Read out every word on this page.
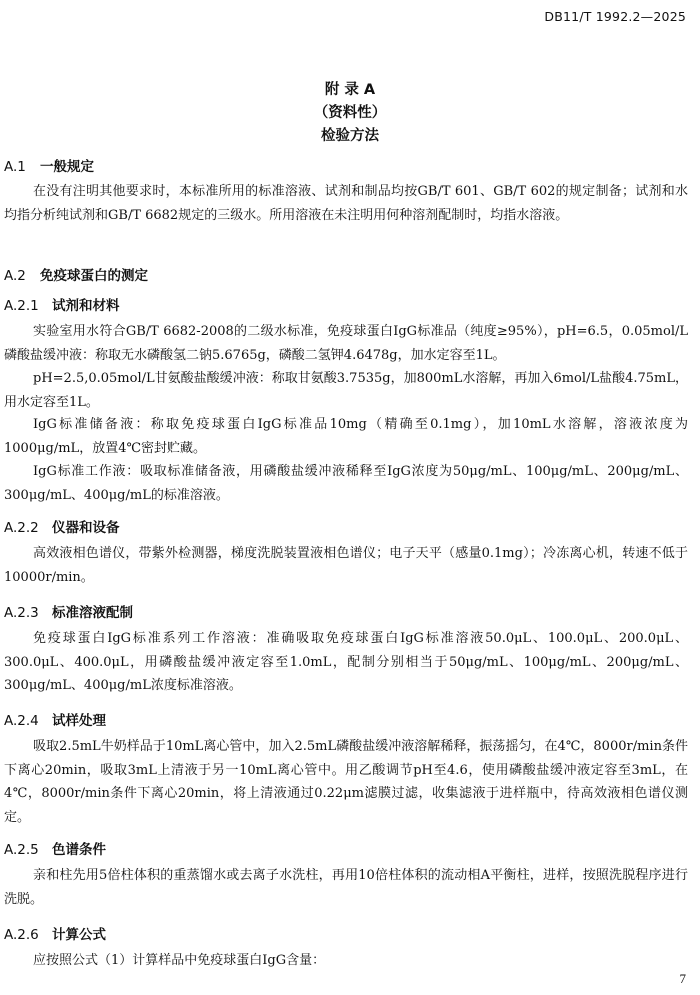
DB11/T 1992.2—2025
附 录 A
（资料性）
检验方法
A.1 一般规定
在没有注明其他要求时，本标准所用的标准溶液、试剂和制品均按GB/T 601、GB/T 602的规定制备；试剂和水均指分析纯试剂和GB/T 6682规定的三级水。所用溶液在未注明用何种溶剂配制时，均指水溶液。
A.2 免疫球蛋白的测定
A.2.1 试剂和材料
实验室用水符合GB/T 6682-2008的二级水标准，免疫球蛋白IgG标准品（纯度≥95%），pH=6.5，0.05mol/L磷酸盐缓冲液：称取无水磷酸氢二钠5.6765g，磷酸二氢钾4.6478g，加水定容至1L。
pH=2.5,0.05mol/L甘氨酸盐酸缓冲液：称取甘氨酸3.7535g，加800mL水溶解，再加入6mol/L盐酸4.75mL，用水定容至1L。
IgG标准储备液：称取免疫球蛋白IgG标准品10mg（精确至0.1mg），加10mL水溶解，溶液浓度为1000μg/mL，放置4℃密封贮藏。
IgG标准工作液：吸取标准储备液，用磷酸盐缓冲液稀释至IgG浓度为50μg/mL、100μg/mL、200μg/mL、300μg/mL、400μg/mL的标准溶液。
A.2.2 仪器和设备
高效液相色谱仪，带紫外检测器，梯度洗脱装置液相色谱仪；电子天平（感量0.1mg）；冷冻离心机，转速不低于10000r/min。
A.2.3 标准溶液配制
免疫球蛋白IgG标准系列工作溶液：准确吸取免疫球蛋白IgG标准溶液50.0μL、100.0μL、200.0μL、300.0μL、400.0μL，用磷酸盐缓冲液定容至1.0mL，配制分别相当于50μg/mL、100μg/mL、200μg/mL、300μg/mL、400μg/mL浓度标准溶液。
A.2.4 试样处理
吸取2.5mL牛奶样品于10mL离心管中，加入2.5mL磷酸盐缓冲液溶解稀释，振荡摇匀，在4℃，8000r/min条件下离心20min，吸取3mL上清液于另一10mL离心管中。用乙酸调节pH至4.6，使用磷酸盐缓冲液定容至3mL，在4℃，8000r/min条件下离心20min，将上清液通过0.22μm滤膜过滤，收集滤液于进样瓶中，待高效液相色谱仪测定。
A.2.5 色谱条件
亲和柱先用5倍柱体积的重蒸馏水或去离子水洗柱，再用10倍柱体积的流动相A平衡柱，进样，按照洗脱程序进行洗脱。
A.2.6 计算公式
应按照公式（1）计算样品中免疫球蛋白IgG含量：
7
